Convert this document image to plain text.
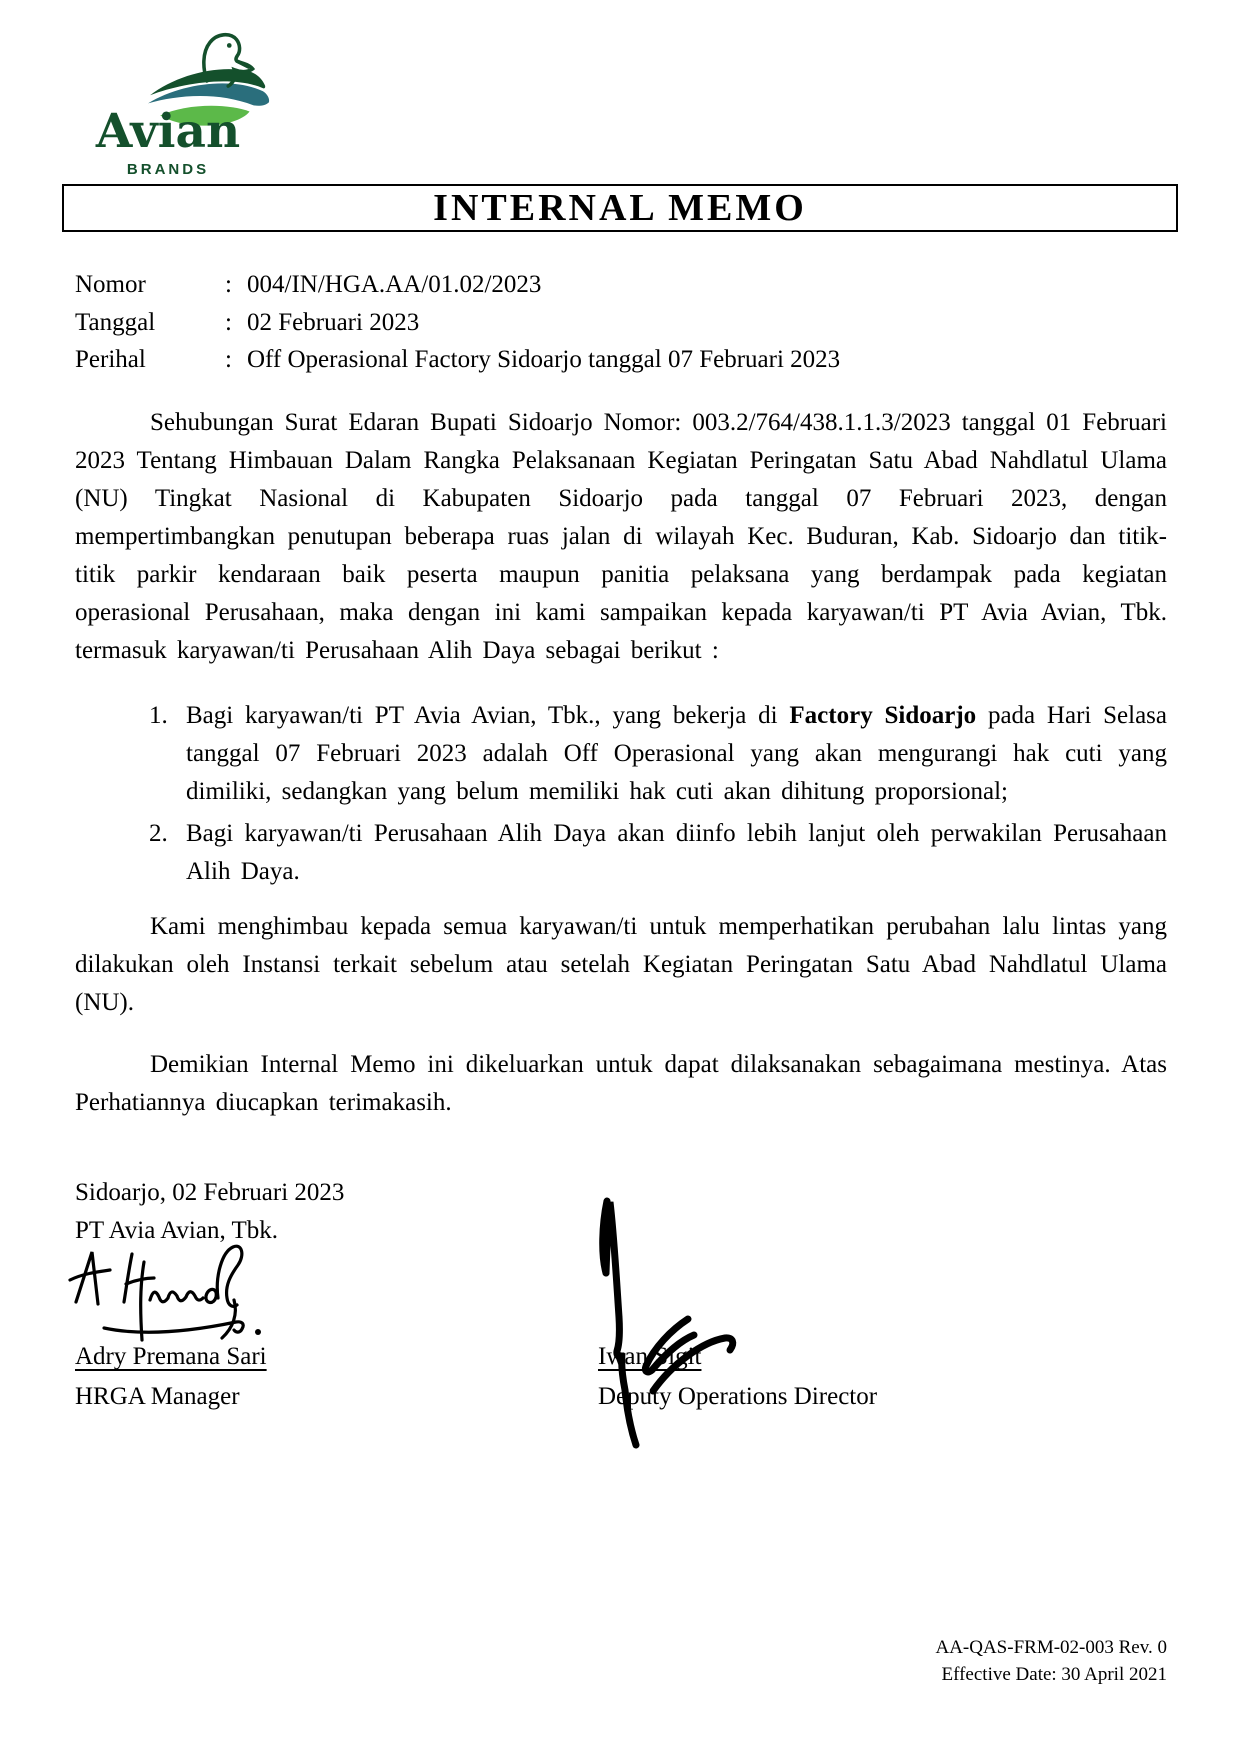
Avian
BRANDS
INTERNAL MEMO
Nomor	: 004/IN/HGA.AA/01.02/2023
Tanggal	: 02 Februari 2023
Perihal	: Off Operasional Factory Sidoarjo tanggal 07 Februari 2023

Sehubungan Surat Edaran Bupati Sidoarjo Nomor: 003.2/764/438.1.1.3/2023 tanggal 01 Februari 2023 Tentang Himbauan Dalam Rangka Pelaksanaan Kegiatan Peringatan Satu Abad Nahdlatul Ulama (NU) Tingkat Nasional di Kabupaten Sidoarjo pada tanggal 07 Februari 2023, dengan mempertimbangkan penutupan beberapa ruas jalan di wilayah Kec. Buduran, Kab. Sidoarjo dan titik-titik parkir kendaraan baik peserta maupun panitia pelaksana yang berdampak pada kegiatan operasional Perusahaan, maka dengan ini kami sampaikan kepada karyawan/ti PT Avia Avian, Tbk. termasuk karyawan/ti Perusahaan Alih Daya sebagai berikut :

1. Bagi karyawan/ti PT Avia Avian, Tbk., yang bekerja di Factory Sidoarjo pada Hari Selasa tanggal 07 Februari 2023 adalah Off Operasional yang akan mengurangi hak cuti yang dimiliki, sedangkan yang belum memiliki hak cuti akan dihitung proporsional;
2. Bagi karyawan/ti Perusahaan Alih Daya akan diinfo lebih lanjut oleh perwakilan Perusahaan Alih Daya.

Kami menghimbau kepada semua karyawan/ti untuk memperhatikan perubahan lalu lintas yang dilakukan oleh Instansi terkait sebelum atau setelah Kegiatan Peringatan Satu Abad Nahdlatul Ulama (NU).

Demikian Internal Memo ini dikeluarkan untuk dapat dilaksanakan sebagaimana mestinya. Atas Perhatiannya diucapkan terimakasih.

Sidoarjo, 02 Februari 2023
PT Avia Avian, Tbk.
Adry Premana Sari
HRGA Manager
Iwan Sigit
Deputy Operations Director
AA-QAS-FRM-02-003 Rev. 0
Effective Date: 30 April 2021
